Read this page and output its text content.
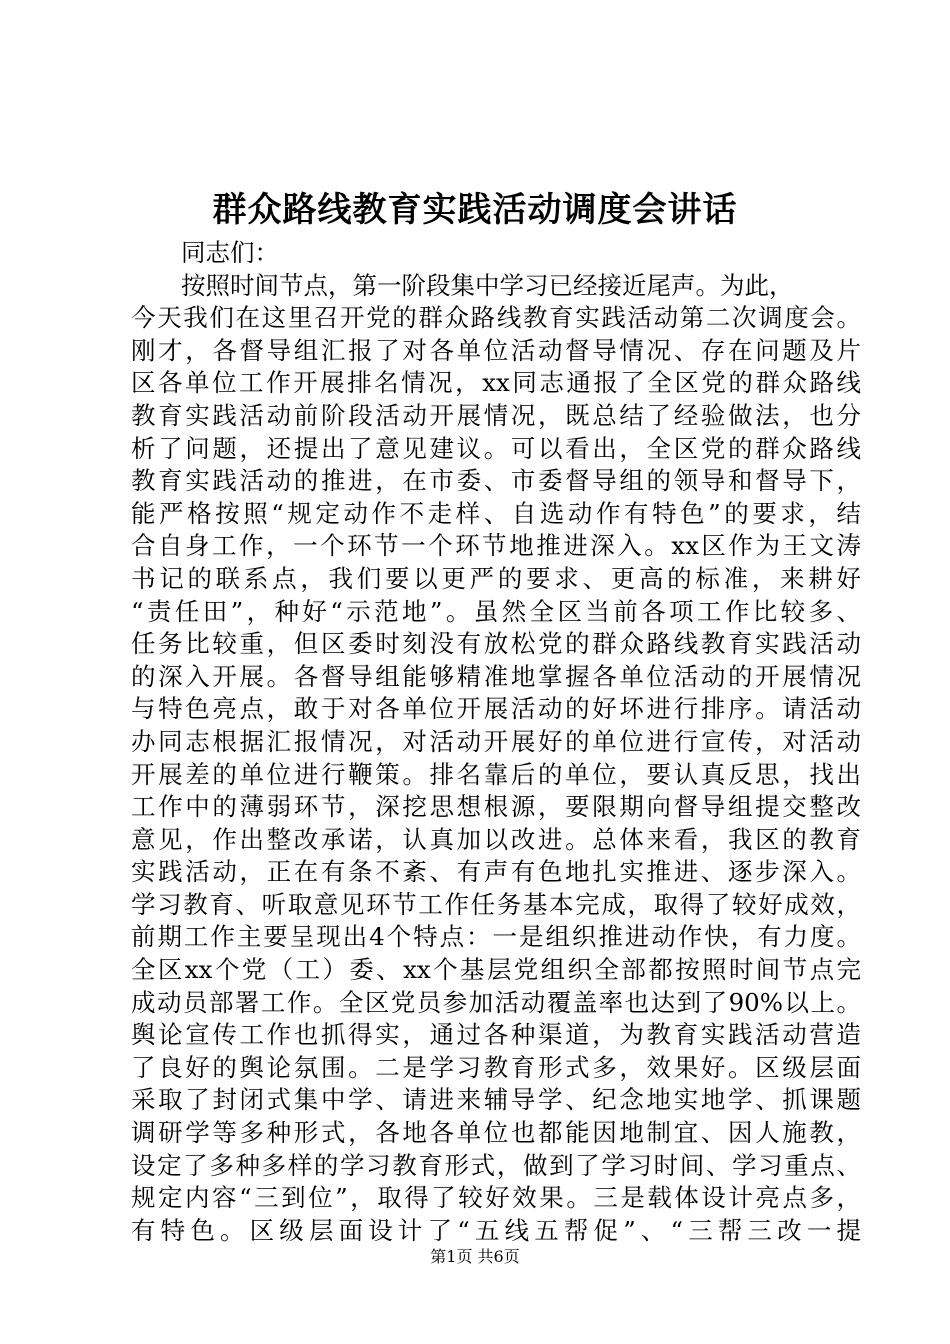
群众路线教育实践活动调度会讲话
同志们：
按照时间节点，第一阶段集中学习已经接近尾声。为此，
今天我们在这里召开党的群众路线教育实践活动第二次调度会。
刚才，各督导组汇报了对各单位活动督导情况、存在问题及片
区各单位工作开展排名情况，xx同志通报了全区党的群众路线
教育实践活动前阶段活动开展情况，既总结了经验做法，也分
析了问题，还提出了意见建议。可以看出，全区党的群众路线
教育实践活动的推进，在市委、市委督导组的领导和督导下，
能严格按照“规定动作不走样、自选动作有特色”的要求，结
合自身工作，一个环节一个环节地推进深入。xx区作为王文涛
书记的联系点，我们要以更严的要求、更高的标准，来耕好
“责任田”，种好“示范地”。虽然全区当前各项工作比较多、
任务比较重，但区委时刻没有放松党的群众路线教育实践活动
的深入开展。各督导组能够精准地掌握各单位活动的开展情况
与特色亮点，敢于对各单位开展活动的好坏进行排序。请活动
办同志根据汇报情况，对活动开展好的单位进行宣传，对活动
开展差的单位进行鞭策。排名靠后的单位，要认真反思，找出
工作中的薄弱环节，深挖思想根源，要限期向督导组提交整改
意见，作出整改承诺，认真加以改进。总体来看，我区的教育
实践活动，正在有条不紊、有声有色地扎实推进、逐步深入。
学习教育、听取意见环节工作任务基本完成，取得了较好成效，
前期工作主要呈现出4个特点：一是组织推进动作快，有力度。
全区xx个党（工）委、xx个基层党组织全部都按照时间节点完
成动员部署工作。全区党员参加活动覆盖率也达到了90%以上。
舆论宣传工作也抓得实，通过各种渠道，为教育实践活动营造
了良好的舆论氛围。二是学习教育形式多，效果好。区级层面
采取了封闭式集中学、请进来辅导学、纪念地实地学、抓课题
调研学等多种形式，各地各单位也都能因地制宜、因人施教，
设定了多种多样的学习教育形式，做到了学习时间、学习重点、
规定内容“三到位”，取得了较好效果。三是载体设计亮点多，
有特色。区级层面设计了“五线五帮促”、“三帮三改一提
第1页 共6页
